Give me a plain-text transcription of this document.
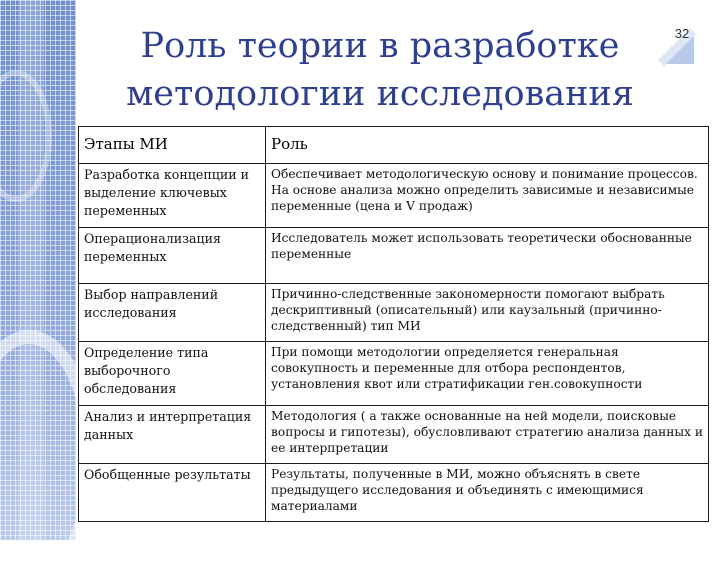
Роль теории в разработке
методологии исследования
32
Этапы МИ	Роль
Разработка концепции и выделение ключевых переменных	Обеспечивает методологическую основу и понимание процессов. На основе анализа можно определить зависимые и независимые переменные (цена и V продаж)
Операционализация переменных	Исследователь может использовать теоретически обоснованные переменные
Выбор направлений исследования	Причинно-следственные закономерности помогают выбрать дескриптивный (описательный) или каузальный (причинно-следственный) тип МИ
Определение типа выборочного обследования	При помощи методологии определяется генеральная совокупность и переменные для отбора респондентов, установления квот или стратификации ген.совокупности
Анализ и интерпретация данных	Методология ( а также основанные на ней модели, поисковые вопросы и гипотезы), обусловливают стратегию анализа данных и ее интерпретации
Обобщенные результаты	Результаты, полученные в МИ, можно объяснять в свете предыдущего исследования и объединять с имеющимися материалами
